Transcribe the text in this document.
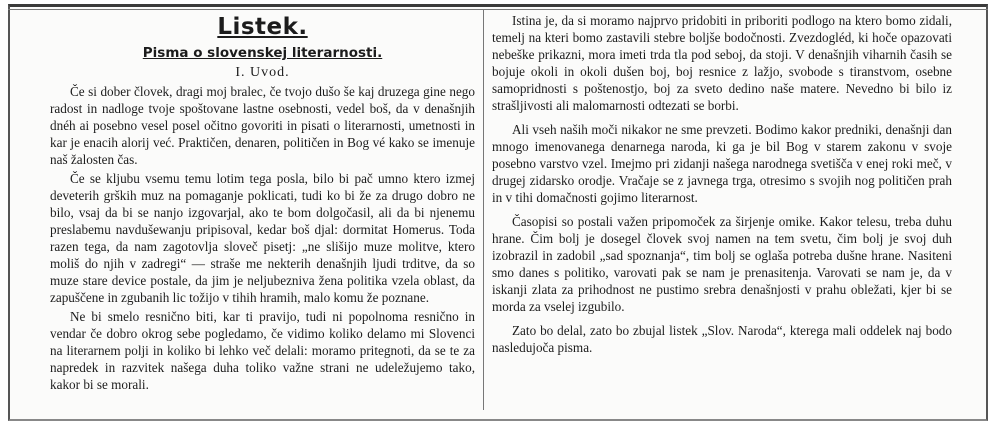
Listek.
Pisma o slovenskej literarnosti.
I. Uvod.

Če si dober človek, dragi moj bralec, če tvojo dušo še kaj druzega gine nego radost in nadloge tvoje spoštovane lastne osebnosti, vedel boš, da v denašnjih dnéh ai posebno vesel posel očitno govoriti in pisati o literarnosti, umetnosti in kar je enacih alorij već. Praktičen, denaren, političen in Bog vé kako se imenuje naš žalosten čas.

Če se kljubu vsemu temu lotim tega posla, bilo bi pač umno ktero izmej deveterih grških muz na pomaganje poklicati, tudi ko bi že za drugo dobro ne bilo, vsaj da bi se nanjo izgovarjal, ako te bom dolgočasil, ali da bi njenemu preslabemu navdušewanju pripisoval, kedar boš djal: dormitat Homerus. Toda razen tega, da nam zagotovlja sloveč pisetj: „ne slišijo muze molitve, ktero moliš do njih v zadregi“ — straše me nekterih denašnjih ljudi trditve, da so muze stare device postale, da jim je neljubezniva žena politika vzela oblast, da zapuščene in zgubanih lic tožijo v tihih hramih, malo komu že poznane.

Ne bi smelo resnično biti, kar ti pravijo, tudi ni popolnoma resnično in vendar če dobro okrog sebe pogledamo, če vidimo koliko delamo mi Slovenci na literarnem polji in koliko bi lehko več delali: moramo pritegnoti, da se te za napredek in razvitek našega duha toliko važne strani ne udeležujemo tako, kakor bi se morali.

Istina je, da si moramo najprvo pridobiti in priboriti podlogo na ktero bomo zidali, temelj na kteri bomo zastavili stebre boljše bodočnosti. Zvezdogléd, ki hoče opazovati nebeške prikazni, mora imeti trda tla pod seboj, da stoji. V denašnjih viharnih časih se bojuje okoli in okoli dušen boj, boj resnice z lažjo, svobode s tiranstvom, osebne samopridnosti s poštenostjo, boj za sveto dedino naše matere. Nevedno bi bilo iz strašljivosti ali malomarnosti odtezati se borbi.

Ali vseh naših moči nikakor ne sme prevzeti. Bodimo kakor predniki, denašnji dan mnogo imenovanega denarnega naroda, ki ga je bil Bog v starem zakonu v svoje posebno varstvo vzel. Imejmo pri zidanji našega narodnega svetišča v enej roki meč, v drugej zidarsko orodje. Vračaje se z javnega trga, otresimo s svojih nog političen prah in v tihi domačnosti gojimo literarnost.

Časopisi so postali važen pripomoček za širjenje omike. Kakor telesu, treba duhu hrane. Čim bolj je dosegel človek svoj namen na tem svetu, čim bolj je svoj duh izobrazil in zadobil „sad spoznanja“, tim bolj se oglaša potreba dušne hrane. Nasiteni smo danes s politiko, varovati pak se nam je prenasitenja. Varovati se nam je, da v iskanji zlata za prihodnost ne pustimo srebra denašnjosti v prahu obležati, kjer bi se morda za vselej izgubilo.

Zato bo delal, zato bo zbujal listek „Slov. Naroda“, kterega mali oddelek naj bodo nasledujoča pisma.
